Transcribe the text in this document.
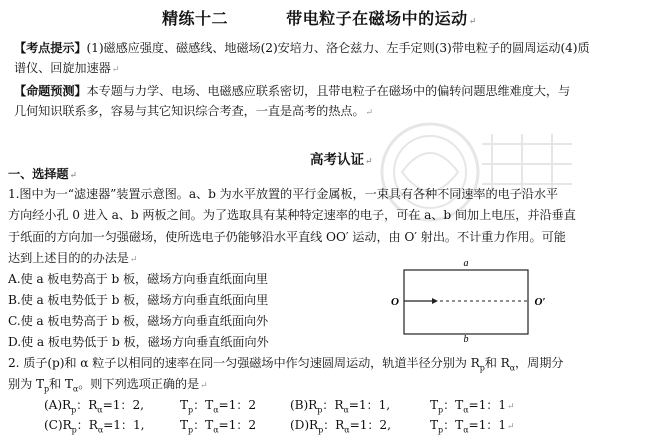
精练十二	带电粒子在磁场中的运动↵
【考点提示】(1)磁感应强度、磁感线、地磁场(2)安培力、洛仑兹力、左手定则(3)带电粒子的圆周运动(4)质
谱仪、回旋加速器↵
【命题预测】本专题与力学、电场、电磁感应联系密切，且带电粒子在磁场中的偏转问题思维难度大，与
几何知识联系多，容易与其它知识综合考查，一直是高考的热点。↵
高考认证↵
一、选择题↵
1.图中为一“滤速器”装置示意图。a、b 为水平放置的平行金属板，一束具有各种不同速率的电子沿水平
方向经小孔 0 进入 a、b 两板之间。为了选取具有某种特定速率的电子，可在 a、b 间加上电压，并沿垂直
于纸面的方向加一匀强磁场，使所选电子仍能够沿水平直线 OO′ 运动，由 O′ 射出。不计重力作用。可能
达到上述目的的办法是↵
A.使 a 板电势高于 b 板，磁场方向垂直纸面向里
B.使 a 板电势低于 b 板，磁场方向垂直纸面向里
C.使 a 板电势高于 b 板，磁场方向垂直纸面向外
D.使 a 板电势低于 b 板，磁场方向垂直纸面向外
a
b
O	O′
2. 质子(p)和 α 粒子以相同的速率在同一匀强磁场中作匀速圆周运动，轨道半径分别为 $R_p$和 $R_\alpha$，周期分
别为 $T_p$和 $T_\alpha$。则下列选项正确的是↵
$(A)R_p$：$R_\alpha=1$：2,	$T_p$：$T_\alpha=1$：2	$(B)R_p$：$R_\alpha=1$：1,	$T_p$：$T_\alpha=1$：1↵
$(C)R_p$：$R_\alpha=1$：1,	$T_p$：$T_\alpha=1$：2	$(D)R_p$：$R_\alpha=1$：2,	$T_p$：$T_\alpha=1$：1↵
